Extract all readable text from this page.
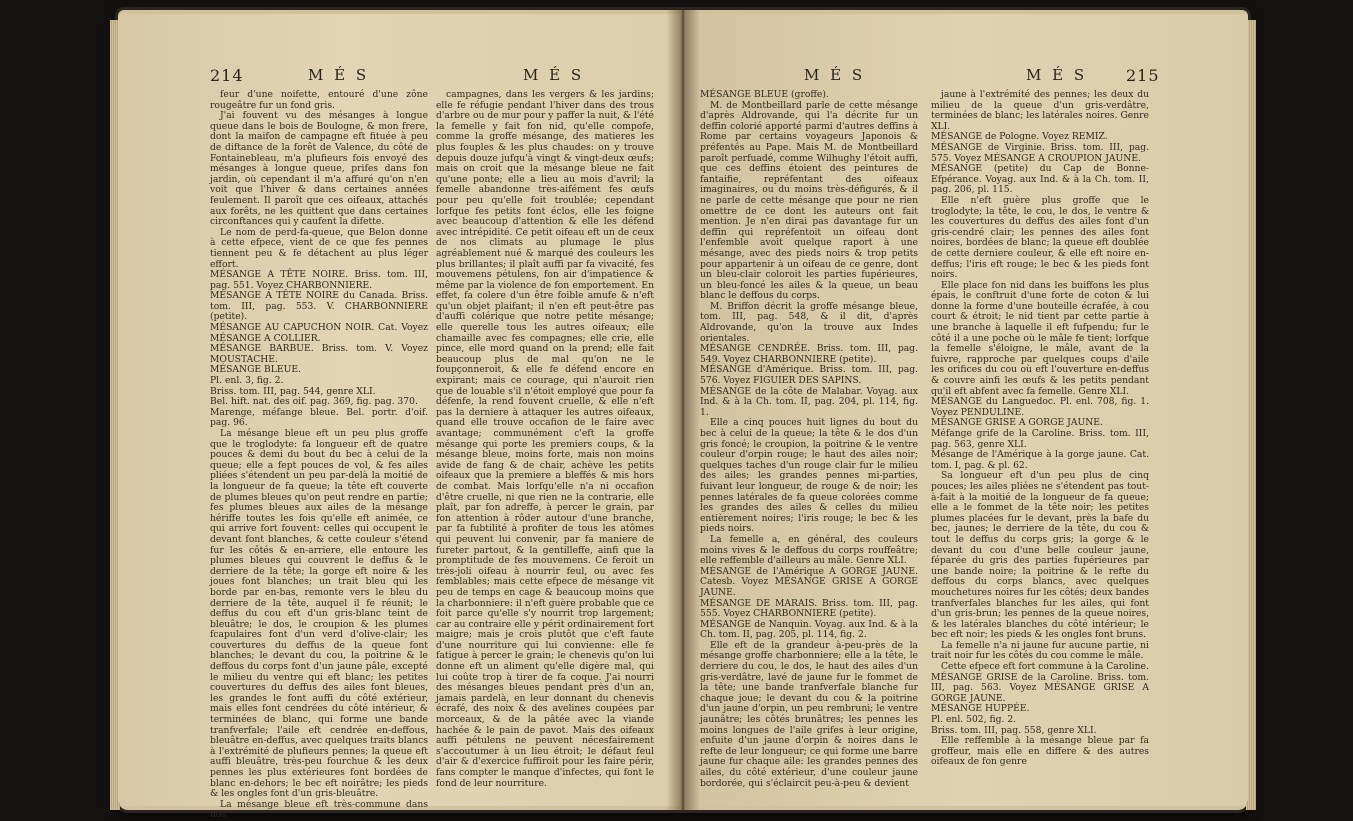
214	M É S	M É S

feur d'une noifette, entouré d'une zône rougeâtre fur un fond gris.

J'ai fouvent vu des mésanges à longue queue dans le bois de Boulogne, & mon frere, dont la maifon de campagne eft fituée à peu de diftance de la forêt de Valence, du côté de Fontainebleau, m'a plufieurs fois envoyé des mésanges à longue queue, prifes dans fon jardin, où cependant il m'a affuré qu'on n'en voit que l'hiver & dans certaines années feulement. Il paroît que ces oifeaux, attachés aux forêts, ne les quittent que dans certaines circonftances qui y caufent la difette.

Le nom de perd-fa-queue, que Belon donne à cette efpece, vient de ce que fes pennes tiennent peu & fe détachent au plus léger effort.

MÉSANGE A TÊTE NOIRE. Briss. tom. III, pag. 551. Voyez CHARBONNIERE.

MÉSANGE A TÊTE NOIRE du Canada. Briss. tom. III, pag. 553. V. CHARBONNIERE (petite).

MÉSANGE AU CAPUCHON NOIR. Cat. Voyez MÉSANGE A COLLIER.

MÉSANGE BARBUE. Briss. tom. V. Voyez MOUSTACHE.

MÉSANGE BLEUE.

Pl. enl. 3, fig. 2.

Briss. tom. III, pag. 544, genre XLI.

Bel. hift. nat. des oif. pag. 369, fig. pag. 370.

Marenge, méfange bleue. Bel. portr. d'oif. pag. 96.

La mésange bleue eft un peu plus groffe que le troglodyte: fa longueur eft de quatre pouces & demi du bout du bec à celui de la queue; elle a fept pouces de vol, & fes ailes pliées s'étendent un peu par-delà la moitié de la longueur de fa queue; la tête eft couverte de plumes bleues qu'on peut rendre en partie; fes plumes bleues aux ailes de la mésange hériffe toutes les fois qu'elle eft animée, ce qui arrive fort fouvent: celles qui occupent le devant font blanches, & cette couleur s'étend fur les côtés & en-arriere, elle entoure les plumes bleues qui couvrent le deffus & le derriere de la tête; la gorge eft noire & les joues font blanches; un trait bleu qui les borde par en-bas, remonte vers le bleu du derriere de la tête, auquel il fe réunit; le deffus du cou eft d'un gris-blanc teint de bleuâtre; le dos, le croupion & les plumes fcapulaires font d'un verd d'olive-clair; les couvertures du deffus de la queue font blanches; le devant du cou, la poitrine & le deffous du corps font d'un jaune pâle, excepté le milieu du ventre qui eft blanc; les petites couvertures du deffus des ailes font bleues, les grandes le font auffi du côté extérieur, mais elles font cendrées du côté intérieur, & terminées de blanc, qui forme une bande tranfverfale; l'aile eft cendrée en-deffous, bleuâtre en-deffus, avec quelques traits blancs à l'extrémité de plufieurs pennes; la queue eft auffi bleuâtre, très-peu fourchue & les deux pennes les plus extérieures font bordées de blanc en-dehors; le bec eft noirâtre; les pieds & les ongles font d'un gris-bleuâtre.

La mésange bleue eft très-commune dans nos

campagnes, dans les vergers & les jardins; elle fe réfugie pendant l'hiver dans des trous d'arbre ou de mur pour y paffer la nuit, & l'été la femelle y fait fon nid, qu'elle compofe, comme la groffe mésange, des matieres les plus fouples & les plus chaudes: on y trouve depuis douze jufqu'à vingt & vingt-deux œufs; mais on croit que la mésange bleue ne fait qu'une ponte; elle a lieu au mois d'avril; la femelle abandonne très-aifément fes œufs pour peu qu'elle foit troublée; cependant lorfque fes petits font éclos, elle les foigne avec beaucoup d'attention & elle les défend avec intrépidité. Ce petit oifeau eft un de ceux de nos climats au plumage le plus agréablement nué & marqué des couleurs les plus brillantes; il plaît auffi par fa vivacité, fes mouvemens pétulens, fon air d'impatience & même par la violence de fon emportement. En effet, fa colere d'un être foible amufe & n'eft qu'un objet plaifant; il n'en eft peut-être pas d'auffi colérique que notre petite mésange; elle querelle tous les autres oifeaux; elle chamaille avec fes compagnes; elle crie, elle pince, elle mord quand on la prend; elle fait beaucoup plus de mal qu'on ne le foupçonneroit, & elle fe défend encore en expirant; mais ce courage, qui n'auroit rien que de louable s'il n'étoit employé que pour fa défenfe, la rend fouvent cruelle, & elle n'eft pas la derniere à attaquer les autres oifeaux, quand elle trouve occafion de le faire avec avantage; communément c'eft la groffe mésange qui porte les premiers coups, & la mésange bleue, moins forte, mais non moins avide de fang & de chair, achève les petits oifeaux que la premiere a bleffés & mis hors de combat. Mais lorfqu'elle n'a ni occafion d'être cruelle, ni que rien ne la contrarie, elle plaît, par fon adreffe, à percer le grain, par fon attention à rôder autour d'une branche, par fa fubtilité à profiter de tous les atômes qui peuvent lui convenir, par fa maniere de fureter partout, & la gentilleffe, ainfi que la promptitude de fes mouvemens. Ce feroit un très-joli oifeau à nourrir feul, ou avec fes femblables; mais cette efpece de mésange vit peu de temps en cage & beaucoup moins que la charbonniere: il n'eft guère probable que ce foit parce qu'elle s'y nourrit trop largement; car au contraire elle y périt ordinairement fort maigre; mais je crois plutôt que c'eft faute d'une nourriture qui lui convienne: elle fe fatigue à percer le grain; le chenevis qu'on lui donne eft un aliment qu'elle digère mal, qui lui coûte trop à tirer de fa coque. J'ai nourri des mésanges bleues pendant près d'un an, jamais pardelà, en leur donnant du chenevis écrafé, des noix & des avelines coupées par morceaux, & de la pâtée avec la viande hachée & le pain de pavot. Mais des oifeaux auffi pétulens ne peuvent nécesfairement s'accoutumer à un lieu étroit; le défaut feul d'air & d'exercice fuffiroit pour les faire périr, fans compter le manque d'infectes, qui font le fond de leur nourriture.

M É S	M É S 215

MÉSANGE BLEUE (groffe).

M. de Montbeillard parle de cette mésange d'après Aldrovande, qui l'a décrite fur un deffin colorié apporté parmi d'autres deffins à Rome par certains voyageurs Japonois & préfentés au Pape. Mais M. de Montbeillard paroît perfuadé, comme Wilhughy l'étoit auffi, que ces deffins étoient des peintures de fantaifie, repréfentant des oifeaux imaginaires, ou du moins très-défigurés, & il ne parle de cette mésange que pour ne rien omettre de ce dont les auteurs ont fait mention. Je n'en dirai pas davantage fur un deffin qui repréfentoit un oifeau dont l'enfemble avoit quelque raport à une mésange, avec des pieds noirs & trop petits pour appartenir à un oifeau de ce genre, dont un bleu-clair coloroit les parties fupérieures, un bleu-foncé les ailes & la queue, un beau blanc le deffous du corps.

M. Briffon décrit la groffe mésange bleue, tom. III, pag. 548, & il dit, d'après Aldrovande, qu'on la trouve aux Indes orientales.

MÉSANGE CENDRÉE. Briss. tom. III, pag. 549. Voyez CHARBONNIERE (petite).

MÉSANGE d'Amérique. Briss. tom. III, pag. 576. Voyez FIGUIER DES SAPINS.

MÉSANGE de la côte de Malabar. Voyag. aux Ind. & à la Ch. tom. II, pag. 204, pl. 114, fig. 1.

Elle a cinq pouces huit lignes du bout du bec à celui de la queue; la tête & le dos d'un gris foncé; le croupion, la poitrine & le ventre couleur d'orpin rouge; le haut des ailes noir; quelques taches d'un rouge clair fur le milieu des ailes; les grandes pennes mi-parties, fuivant leur longueur, de rouge & de noir; les pennes latérales de fa queue colorées comme les grandes des ailes & celles du milieu entièrement noires; l'iris rouge; le bec & les pieds noirs.

La femelle a, en général, des couleurs moins vives & le deffous du corps rouffeâtre; elle reffemble d'ailleurs au mâle. Genre XLI.

MÉSANGE de l'Amérique A GORGE JAUNE. Catesb. Voyez MÉSANGE GRISE A GORGE JAUNE.

MÉSANGE DE MARAIS. Briss. tom. III, pag. 555. Voyez CHARBONNIERE (petite).

MÉSANGE de Nanquin. Voyag. aux Ind. & à la Ch. tom. II, pag. 205, pl. 114, fig. 2.

Elle eft de la grandeur à-peu-près de la mésange groffe charbonniere; elle a la tête, le derriere du cou, le dos, le haut des ailes d'un gris-verdâtre, lavé de jaune fur le fommet de la tête; une bande tranfverfale blanche fur chaque joue; le devant du cou & la poitrine d'un jaune d'orpin, un peu rembruni; le ventre jaunâtre; les côtés brunâtres; les pennes les moins longues de l'aile grifes à leur origine, enfuite d'un jaune d'orpin & noires dans le refte de leur longueur; ce qui forme une barre jaune fur chaque aile: les grandes pennes des ailes, du côté extérieur, d'une couleur jaune bordorée, qui s'éclaircit peu-à-peu & devient

jaune à l'extrémité des pennes; les deux du milieu de la queue d'un gris-verdâtre, terminées de blanc; les latérales noires. Genre XLI.

MÉSANGE de Pologne. Voyez REMIZ.

MÉSANGE de Virginie. Briss. tom. III, pag. 575. Voyez MÉSANGE A CROUPION JAUNE.

MÉSANGE (petite) du Cap de Bonne-Efpérance. Voyag. aux Ind. & à la Ch. tom. II, pag. 206, pl. 115.

Elle n'eft guère plus groffe que le troglodyte; la tête, le cou, le dos, le ventre & les couvertures du deffus des ailes font d'un gris-cendré clair; les pennes des ailes font noires, bordées de blanc; la queue eft doublée de cette derniere couleur, & elle eft noire en-deffus; l'iris eft rouge; le bec & les pieds font noirs.

Elle place fon nid dans les buiffons les plus épais, le conftruit d'une forte de coton & lui donne la forme d'une bouteille écrafée, à cou court & étroit; le nid tient par cette partie à une branche à laquelle il eft fufpendu; fur le côté il a une poche où le mâle fe tient; lorfque la femelle s'éloigne, le mâle, avant de la fuivre, rapproche par quelques coups d'aile les orifices du cou où eft l'ouverture en-deffus & couvre ainfi les œufs & les petits pendant qu'il eft abfent avec fa femelle. Genre XLI.

MÉSANGE du Languedoc. Pl. enl. 708, fig. 1. Voyez PENDULINE.

MÉSANGE GRISE A GORGE JAUNE.

Méfange grife de la Caroline. Briss. tom. III, pag. 563, genre XLI.

Mésange de l'Amérique à la gorge jaune. Cat. tom. I, pag. & pl. 62.

Sa longueur eft d'un peu plus de cinq pouces; les ailes pliées ne s'étendent pas tout-à-fait à la moitié de la longueur de fa queue; elle a le fommet de la tête noir; les petites plumes placées fur le devant, près la bafe du bec, jaunes; le derriere de la tête, du cou & tout le deffus du corps gris; la gorge & le devant du cou d'une belle couleur jaune, féparée du gris des parties fupérieures par une bande noire; la poitrine & le refte du deffous du corps blancs, avec quelques mouchetures noires fur les côtés; deux bandes tranfverfales blanches fur les ailes, qui font d'un gris-brun; les pennes de la queue noires, & les latérales blanches du côté intérieur; le bec eft noir; les pieds & les ongles font bruns.

La femelle n'a ni jaune fur aucune partie, ni trait noir fur les côtés du cou comme le mâle.

Cette efpece eft fort commune à la Caroline.

MÉSANGE GRISE de la Caroline. Briss. tom. III, pag. 563. Voyez MÉSANGE GRISE A GORGE JAUNE.

MÉSANGE HUPPÉE.

Pl. enl. 502, fig. 2.

Briss. tom. III, pag. 558, genre XLI.

Elle reffemble à la mésange bleue par fa groffeur, mais elle en differe & des autres oifeaux de fon genre
